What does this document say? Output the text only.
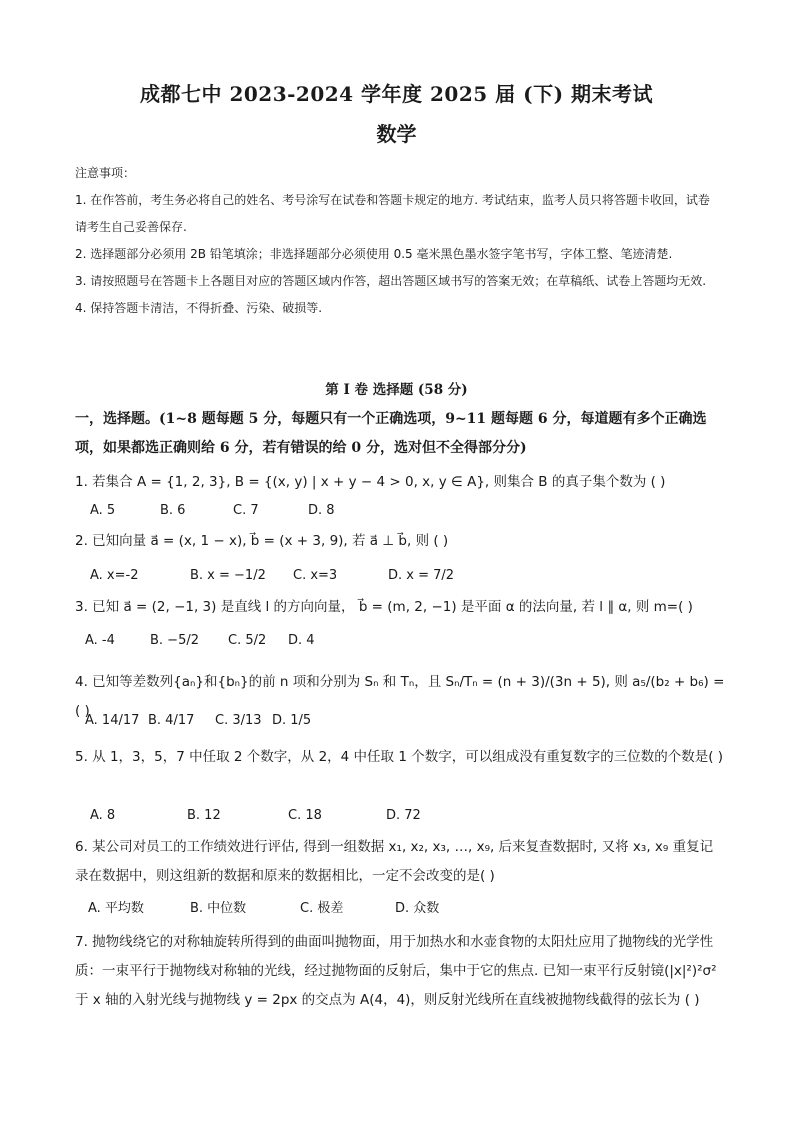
成都七中 2023-2024 学年度 2025 届 (下) 期末考试
数学

注意事项：

1. 在作答前，考生务必将自己的姓名、考号涂写在试卷和答题卡规定的地方. 考试结束，监考人员只将答题卡收回，试卷请考生自己妥善保存.

2. 选择题部分必须用 2B 铅笔填涂；非选择题部分必须使用 0.5 毫米黑色墨水签字笔书写，字体工整、笔迹清楚.

3. 请按照题号在答题卡上各题目对应的答题区域内作答，超出答题区域书写的答案无效；在草稿纸、试卷上答题均无效.

4. 保持答题卡清洁，不得折叠、污染、破损等.

第 I 卷 选择题 (58 分)
一，选择题。(1~8 题每题 5 分，每题只有一个正确选项，9~11 题每题 6 分，每道题有多个正确选项，如果都选正确则给 6 分，若有错误的给 0 分，选对但不全得部分分)

1. 若集合 A = {1, 2, 3}, B = {(x, y) | x + y − 4 > 0, x, y ∈ A}, 则集合 B 的真子集个数为 ( )

A. 5	B. 6	C. 7	D. 8

2. 已知向量 a⃗ = (x, 1 − x), b⃗ = (x + 3, 9), 若 a⃗ ⊥ b⃗, 则 ( )

A. x=-2	B. x = −1/2 C. x=3	D. x = 7/2

3. 已知 a⃗ = (2, −1, 3) 是直线 l 的方向向量， b⃗ = (m, 2, −1) 是平面 α 的法向量, 若 l ∥ α, 则 m=( )

A. -4	B. −5/2 C. 5/2 D. 4

4. 已知等差数列{aₙ}和{bₙ}的前 n 项和分别为 Sₙ 和 Tₙ，且 Sₙ/Tₙ = (n + 3)/(3n + 5), 则 a₅/(b₂ + b₆) = ( )

A. 14/17 B. 4/17 C. 3/13 D. 1/5

5. 从 1，3，5，7 中任取 2 个数字，从 2，4 中任取 1 个数字，可以组成没有重复数字的三位数的个数是( )

A. 8	B. 12	C. 18	D. 72

6. 某公司对员工的工作绩效进行评估, 得到一组数据 x₁, x₂, x₃, …, x₉, 后来复查数据时, 又将 x₃, x₉ 重复记录在数据中，则这组新的数据和原来的数据相比，一定不会改变的是( )

A. 平均数	B. 中位数	C. 极差	D. 众数

7. 抛物线绕它的对称轴旋转所得到的曲面叫抛物面，用于加热水和水壶食物的太阳灶应用了抛物线的光学性质：一束平行于抛物线对称轴的光线，经过抛物面的反射后，集中于它的焦点. 已知一束平行反射镜(|x|²)²σ² 于 x 轴的入射光线与抛物线 y = 2px 的交点为 A(4，4)，则反射光线所在直线被抛物线截得的弦长为 ( )
